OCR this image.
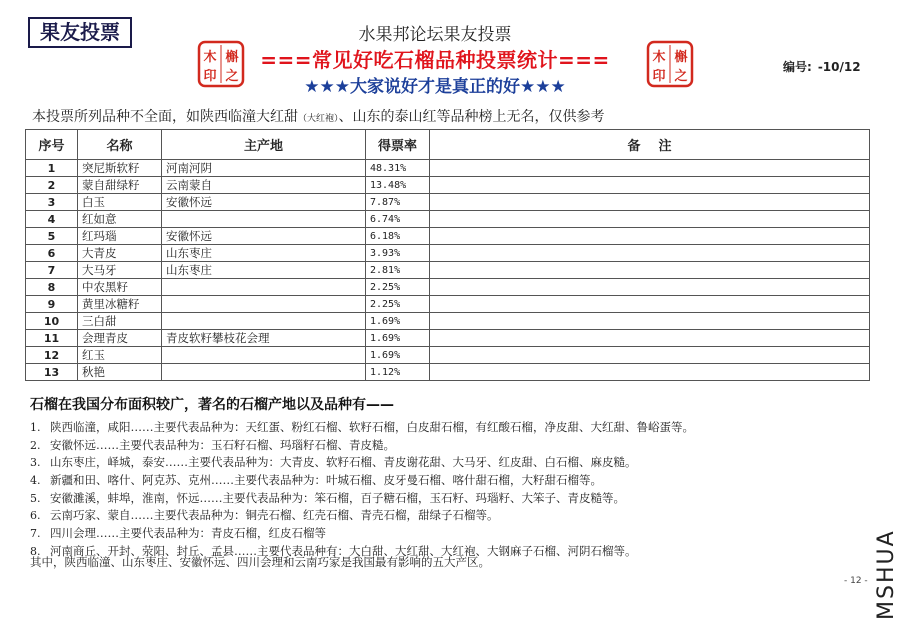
果友投票	水果邦论坛果友投票
木 槲
印 之
===常见好吃石榴品种投票统计===	木 槲
印 之
★★★大家说好才是真正的好★★★
编号: -10/12
本投票所列品种不全面，如陕西临潼大红甜（大红袍）、山东的泰山红等品种榜上无名，仅供参考
序号	名称	主产地	得票率	备    注
1	突尼斯软籽	河南河阴	48.31%	
2	蒙自甜绿籽	云南蒙自	13.48%	
3	白玉	安徽怀远	7.87%	
4	红如意		6.74%	
5	红玛瑙	安徽怀远	6.18%	
6	大青皮	山东枣庄	3.93%	
7	大马牙	山东枣庄	2.81%	
8	中农黑籽		2.25%	
9	黄里冰糖籽		2.25%	
10	三白甜		1.69%	
11	会理青皮	青皮软籽攀枝花会理	1.69%	
12	红玉		1.69%	
13	秋艳		1.12%	
石榴在我国分布面积较广，著名的石榴产地以及品种有——
1. 陕西临潼，咸阳……主要代表品种为：天红蛋、粉红石榴、软籽石榴，白皮甜石榴，有红酸石榴，净皮甜、大红甜、鲁峪蛋等。
2. 安徽怀远……主要代表品种为：玉石籽石榴、玛瑙籽石榴、青皮糙。
3. 山东枣庄，峄城，泰安……主要代表品种为：大青皮、软籽石榴、青皮谢花甜、大马牙、红皮甜、白石榴、麻皮糙。
4. 新疆和田、喀什、阿克苏、克州……主要代表品种为：叶城石榴、皮牙曼石榴、喀什甜石榴，大籽甜石榴等。
5. 安徽濉溪，蚌埠，淮南，怀远……主要代表品种为：笨石榴，百子糖石榴，玉石籽、玛瑙籽、大笨子、青皮糙等。
6. 云南巧家、蒙自……主要代表品种为：铜壳石榴、红壳石榴、青壳石榴，甜绿子石榴等。
7. 四川会理……主要代表品种为：青皮石榴，红皮石榴等
8. 河南商丘、开封、荥阳、封丘、孟县……主要代表品种有：大白甜、大红甜、大红袍、大钢麻子石榴、河阴石榴等。
其中，陕西临潼、山东枣庄、安徽怀远、四川会理和云南巧家是我国最有影响的五大产区。
- 12 - MSHUA
